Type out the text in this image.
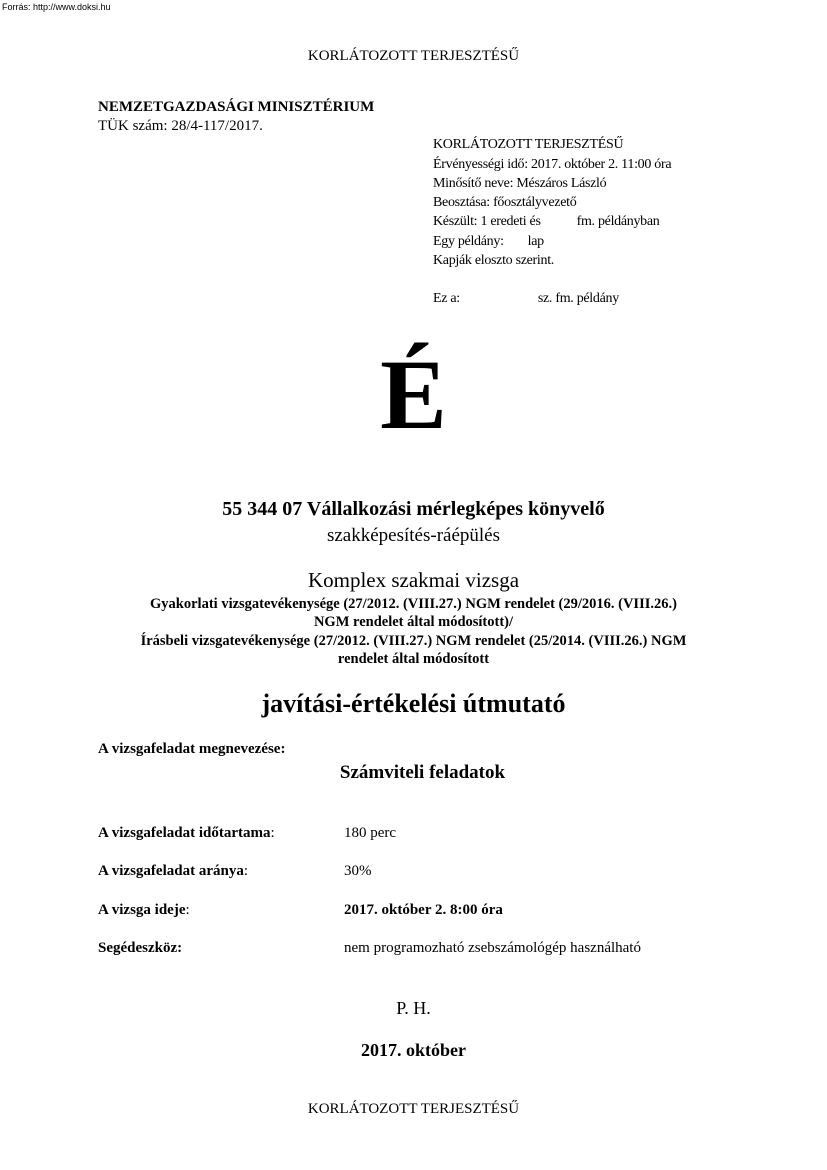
Forrás: http://www.doksi.hu
KORLÁTOZOTT TERJESZTÉSŰ
NEMZETGAZDASÁGI MINISZTÉRIUM
TÜK szám: 28/4-117/2017.
KORLÁTOZOTT TERJESZTÉSŰ
Érvényességi idő: 2017. október 2. 11:00 óra
Minősítő neve: Mészáros László
Beosztása: főosztályvezető
Készült: 1 eredeti és	fm. példányban
Egy példány: lap
Kapják eloszto szerint.
Ez a:	sz. fm. példány
É
55 344 07 Vállalkozási mérlegképes könyvelő
szakképesítés-ráépülés
Komplex szakmai vizsga
Gyakorlati vizsgatevékenysége (27/2012. (VIII.27.) NGM rendelet (29/2016. (VIII.26.)
NGM rendelet által módosított)/
Írásbeli vizsgatevékenysége (27/2012. (VIII.27.) NGM rendelet (25/2014. (VIII.26.) NGM
rendelet által módosított
javítási-értékelési útmutató
A vizsgafeladat megnevezése:
Számviteli feladatok
A vizsgafeladat időtartama:	180 perc
A vizsgafeladat aránya:	30%
A vizsga ideje:	2017. október 2. 8:00 óra
Segédeszköz:	nem programozható zsebszámológép használható
P. H.
2017. október
KORLÁTOZOTT TERJESZTÉSŰ
